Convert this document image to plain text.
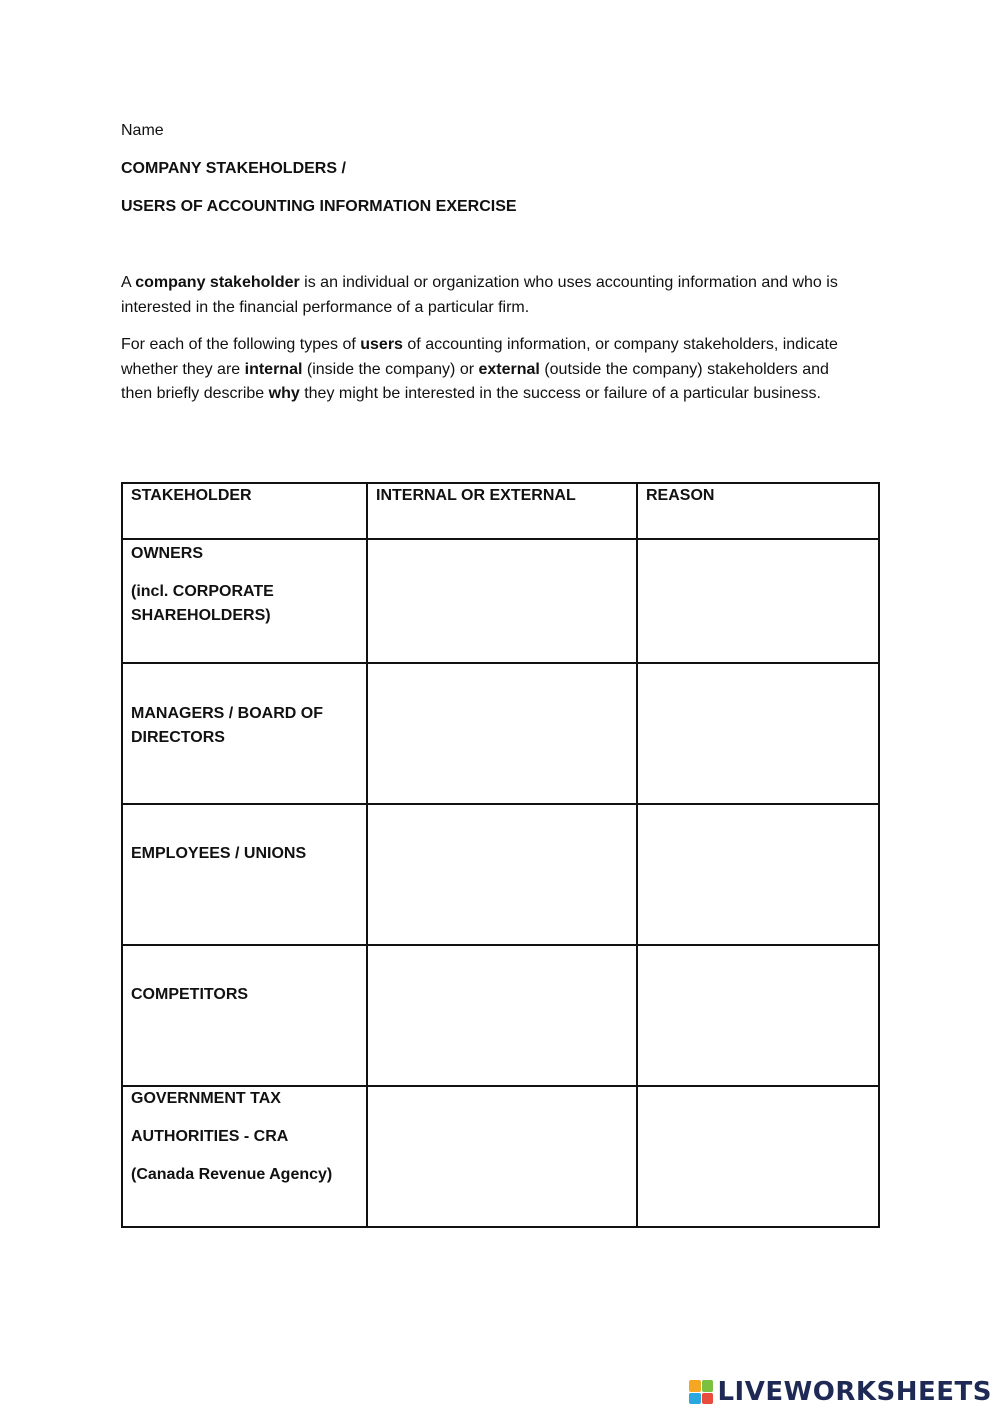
Name
COMPANY STAKEHOLDERS /
USERS OF ACCOUNTING INFORMATION EXERCISE
A company stakeholder is an individual or organization who uses accounting information and who is interested in the financial performance of a particular firm.
For each of the following types of users of accounting information, or company stakeholders, indicate whether they are internal (inside the company) or external (outside the company) stakeholders and then briefly describe why they might be interested in the success or failure of a particular business.
STAKEHOLDER	INTERNAL OR EXTERNAL	REASON

OWNERS
(incl. CORPORATE SHAREHOLDERS)		

MANAGERS / BOARD OF DIRECTORS		

EMPLOYEES / UNIONS		

COMPETITORS		

GOVERNMENT TAX
AUTHORITIES - CRA
(Canada Revenue Agency)		

LIVEWORKSHEETS
